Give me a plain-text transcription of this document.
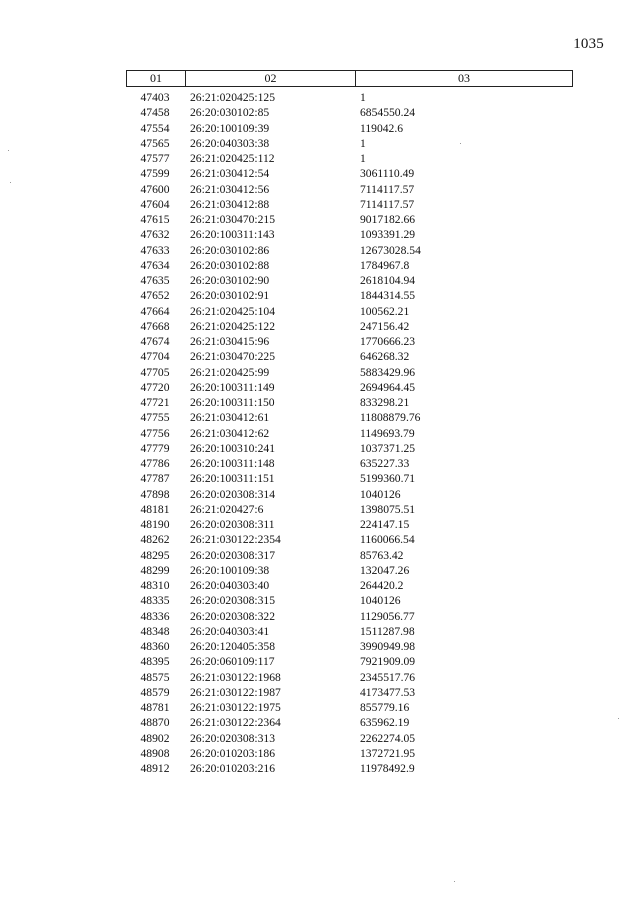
1035
01	02	03
47403	26:21:020425:125	1
47458	26:20:030102:85	6854550.24
47554	26:20:100109:39	119042.6
47565	26:20:040303:38	1
47577	26:21:020425:112	1
47599	26:21:030412:54	3061110.49
47600	26:21:030412:56	7114117.57
47604	26:21:030412:88	7114117.57
47615	26:21:030470:215	9017182.66
47632	26:20:100311:143	1093391.29
47633	26:20:030102:86	12673028.54
47634	26:20:030102:88	1784967.8
47635	26:20:030102:90	2618104.94
47652	26:20:030102:91	1844314.55
47664	26:21:020425:104	100562.21
47668	26:21:020425:122	247156.42
47674	26:21:030415:96	1770666.23
47704	26:21:030470:225	646268.32
47705	26:21:020425:99	5883429.96
47720	26:20:100311:149	2694964.45
47721	26:20:100311:150	833298.21
47755	26:21:030412:61	11808879.76
47756	26:21:030412:62	1149693.79
47779	26:20:100310:241	1037371.25
47786	26:20:100311:148	635227.33
47787	26:20:100311:151	5199360.71
47898	26:20:020308:314	1040126
48181	26:21:020427:6	1398075.51
48190	26:20:020308:311	224147.15
48262	26:21:030122:2354	1160066.54
48295	26:20:020308:317	85763.42
48299	26:20:100109:38	132047.26
48310	26:20:040303:40	264420.2
48335	26:20:020308:315	1040126
48336	26:20:020308:322	1129056.77
48348	26:20:040303:41	1511287.98
48360	26:20:120405:358	3990949.98
48395	26:20:060109:117	7921909.09
48575	26:21:030122:1968	2345517.76
48579	26:21:030122:1987	4173477.53
48781	26:21:030122:1975	855779.16
48870	26:21:030122:2364	635962.19
48902	26:20:020308:313	2262274.05
48908	26:20:010203:186	1372721.95
48912	26:20:010203:216	11978492.9
